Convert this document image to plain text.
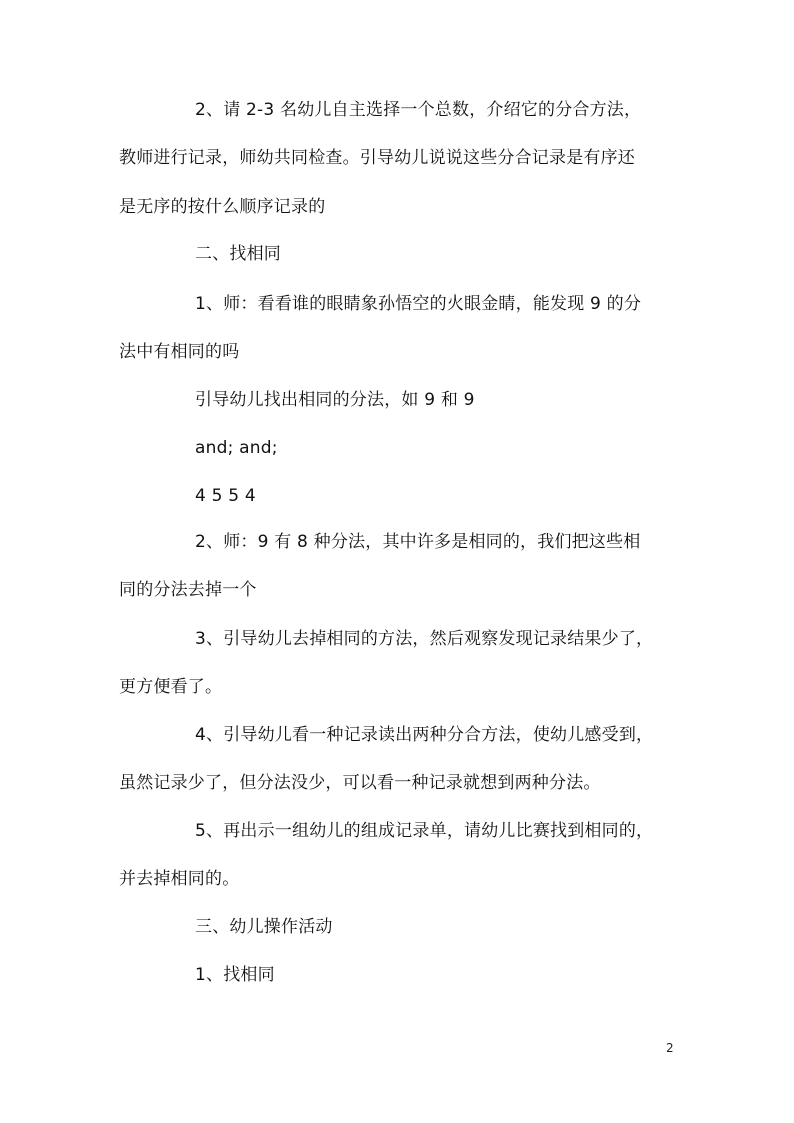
2、请 2-3 名幼儿自主选择一个总数，介绍它的分合方法，
教师进行记录，师幼共同检查。引导幼儿说说这些分合记录是有序还
是无序的按什么顺序记录的
二、找相同
1、师：看看谁的眼睛象孙悟空的火眼金睛，能发现 9 的分
法中有相同的吗
引导幼儿找出相同的分法，如 9 和 9
and; and;
4 5 5 4
2、师：9 有 8 种分法，其中许多是相同的，我们把这些相
同的分法去掉一个
3、引导幼儿去掉相同的方法，然后观察发现记录结果少了，
更方便看了。
4、引导幼儿看一种记录读出两种分合方法，使幼儿感受到，
虽然记录少了，但分法没少，可以看一种记录就想到两种分法。
5、再出示一组幼儿的组成记录单，请幼儿比赛找到相同的，
并去掉相同的。
三、幼儿操作活动
1、找相同
2
